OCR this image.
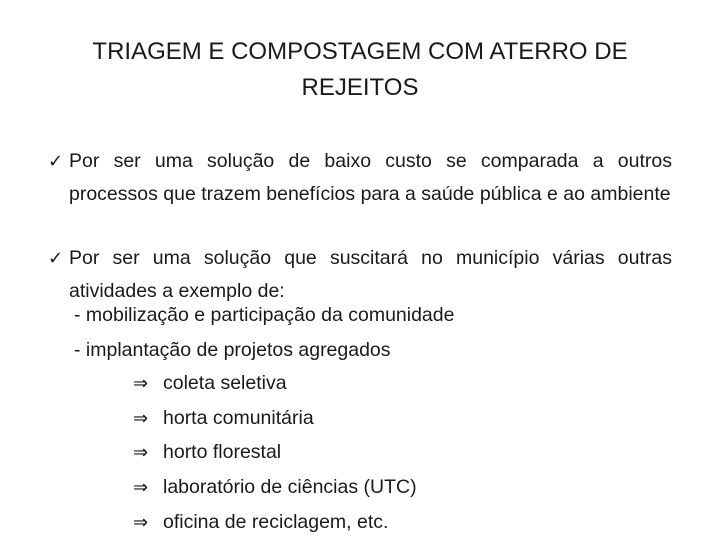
TRIAGEM E COMPOSTAGEM COM ATERRO DE REJEITOS
✓ Por ser uma solução de baixo custo se comparada a outros processos que trazem benefícios para a saúde pública e ao ambiente
✓ Por ser uma solução que suscitará no município várias outras atividades a exemplo de:
- mobilização e participação da comunidade
- implantação de projetos agregados
⇒ coleta seletiva
⇒ horta comunitária
⇒ horto florestal
⇒ laboratório de ciências (UTC)
⇒ oficina de reciclagem, etc.
